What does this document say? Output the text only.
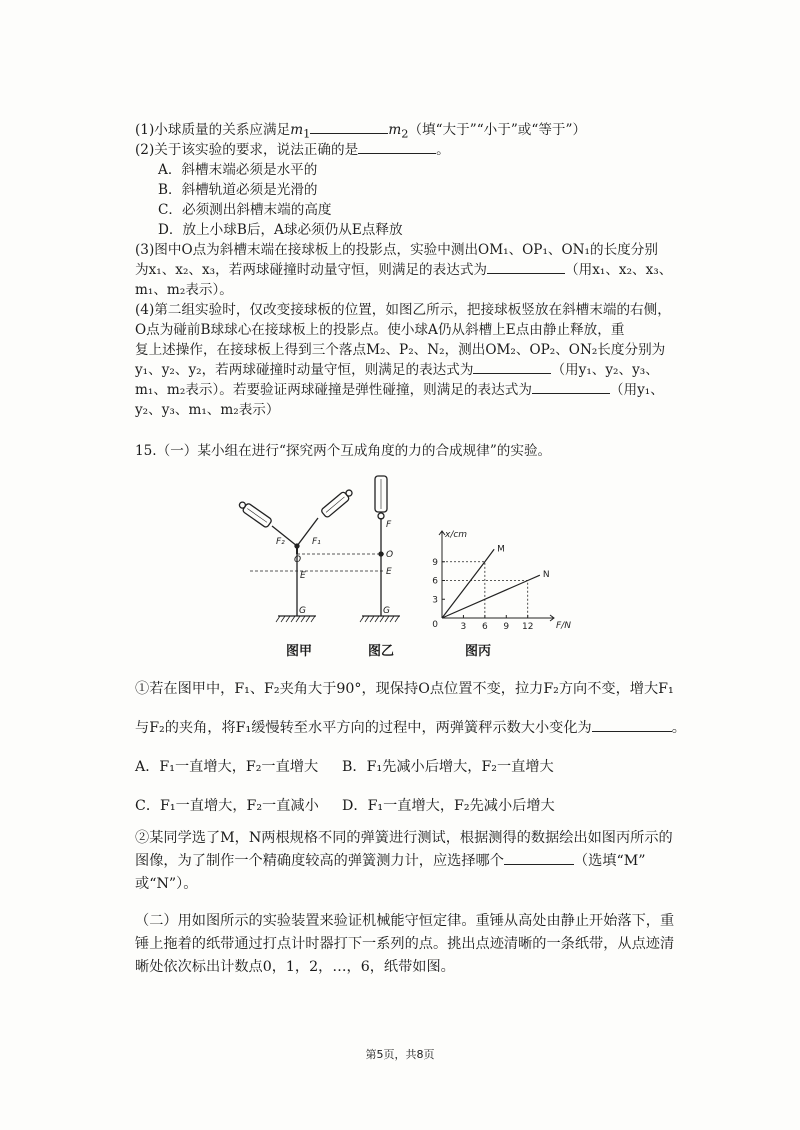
(1)小球质量的关系应满足$m_1$	$m_2$（填“大于”“小于”或“等于”）
(2)关于该实验的要求，说法正确的是	。
A．斜槽末端必须是水平的
B．斜槽轨道必须是光滑的
C．必须测出斜槽末端的高度
D．放上小球B后，A球必须仍从E点释放
(3)图中O点为斜槽末端在接球板上的投影点，实验中测出OM₁、OP₁、ON₁的长度分别
为x₁、x₂、x₃，若两球碰撞时动量守恒，则满足的表达式为	（用x₁、x₂、x₃、
m₁、m₂表示）。
(4)第二组实验时，仅改变接球板的位置，如图乙所示，把接球板竖放在斜槽末端的右侧，
O点为碰前B球球心在接球板上的投影点。使小球A仍从斜槽上E点由静止释放，重
复上述操作，在接球板上得到三个落点M₂、P₂、N₂，测出OM₂、OP₂、ON₂长度分别为
y₁、y₂、y₂，若两球碰撞时动量守恒，则满足的表达式为	（用y₁、y₂、y₃、
m₁、m₂表示）。若要验证两球碰撞是弹性碰撞，则满足的表达式为	（用y₁、
y₂、y₃、m₁、m₂表示）
15.（一）某小组在进行“探究两个互成角度的力的合成规律”的实验。
F₂	F₁
O
E
G
F
O
E
G
3 6 9 12
3
6
9
0	F/N
x/cm
M
N
图甲	图乙	图丙
①若在图甲中，F₁、F₂夹角大于90°，现保持O点位置不变，拉力F₂方向不变，增大F₁
与F₂的夹角，将F₁缓慢转至水平方向的过程中，两弹簧秤示数大小变化为	。
A．F₁一直增大，F₂一直增大 B．F₁先减小后增大，F₂一直增大
C．F₁一直增大，F₂一直减小 D．F₁一直增大，F₂先减小后增大
②某同学选了M，N两根规格不同的弹簧进行测试，根据测得的数据绘出如图丙所示的
图像，为了制作一个精确度较高的弹簧测力计，应选择哪个	（选填“M”
或“N”）。
（二）用如图所示的实验装置来验证机械能守恒定律。重锤从高处由静止开始落下，重
锤上拖着的纸带通过打点计时器打下一系列的点。挑出点迹清晰的一条纸带，从点迹清
晰处依次标出计数点0，1，2，…，6，纸带如图。
第5页，共8页
